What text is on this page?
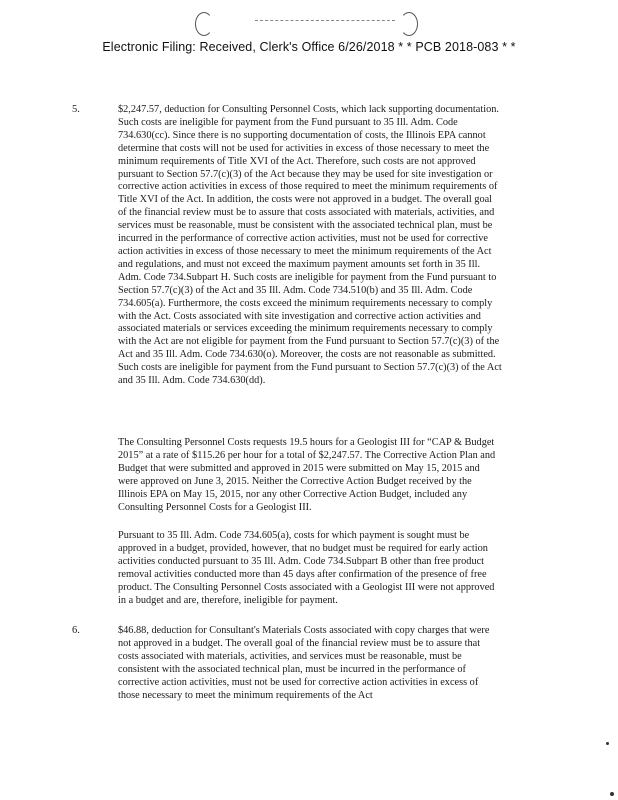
Electronic Filing: Received, Clerk's Office 6/26/2018 * * PCB 2018-083 * *
5.	$2,247.57, deduction for Consulting Personnel Costs, which lack supporting documentation. Such costs are ineligible for payment from the Fund pursuant to 35 Ill. Adm. Code 734.630(cc). Since there is no supporting documentation of costs, the Illinois EPA cannot determine that costs will not be used for activities in excess of those necessary to meet the minimum requirements of Title XVI of the Act. Therefore, such costs are not approved pursuant to Section 57.7(c)(3) of the Act because they may be used for site investigation or corrective action activities in excess of those required to meet the minimum requirements of Title XVI of the Act. In addition, the costs were not approved in a budget. The overall goal of the financial review must be to assure that costs associated with materials, activities, and services must be reasonable, must be consistent with the associated technical plan, must be incurred in the performance of corrective action activities, must not be used for corrective action activities in excess of those necessary to meet the minimum requirements of the Act and regulations, and must not exceed the maximum payment amounts set forth in 35 Ill. Adm. Code 734.Subpart H. Such costs are ineligible for payment from the Fund pursuant to Section 57.7(c)(3) of the Act and 35 Ill. Adm. Code 734.510(b) and 35 Ill. Adm. Code 734.605(a). Furthermore, the costs exceed the minimum requirements necessary to comply with the Act. Costs associated with site investigation and corrective action activities and associated materials or services exceeding the minimum requirements necessary to comply with the Act are not eligible for payment from the Fund pursuant to Section 57.7(c)(3) of the Act and 35 Ill. Adm. Code 734.630(o). Moreover, the costs are not reasonable as submitted. Such costs are ineligible for payment from the Fund pursuant to Section 57.7(c)(3) of the Act and 35 Ill. Adm. Code 734.630(dd).

The Consulting Personnel Costs requests 19.5 hours for a Geologist III for “CAP & Budget 2015” at a rate of $115.26 per hour for a total of $2,247.57. The Corrective Action Plan and Budget that were submitted and approved in 2015 were submitted on May 15, 2015 and were approved on June 3, 2015. Neither the Corrective Action Budget received by the Illinois EPA on May 15, 2015, nor any other Corrective Action Budget, included any Consulting Personnel Costs for a Geologist III.

Pursuant to 35 Ill. Adm. Code 734.605(a), costs for which payment is sought must be approved in a budget, provided, however, that no budget must be required for early action activities conducted pursuant to 35 Ill. Adm. Code 734.Subpart B other than free product removal activities conducted more than 45 days after confirmation of the presence of free product. The Consulting Personnel Costs associated with a Geologist III were not approved in a budget and are, therefore, ineligible for payment.

6.	$46.88, deduction for Consultant's Materials Costs associated with copy charges that were not approved in a budget. The overall goal of the financial review must be to assure that costs associated with materials, activities, and services must be reasonable, must be consistent with the associated technical plan, must be incurred in the performance of corrective action activities, must not be used for corrective action activities in excess of those necessary to meet the minimum requirements of the Act
